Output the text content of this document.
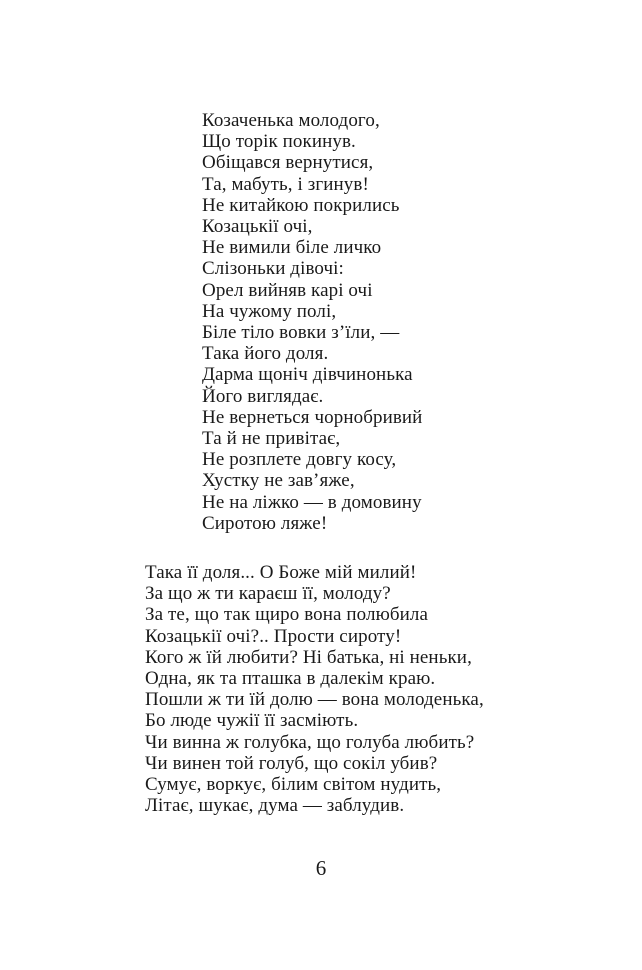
Козаченька молодого,
Що торік покинув.
Обіщався вернутися,
Та, мабуть, і згинув!
Не китайкою покрились
Козацькії очі,
Не вимили біле личко
Слізоньки дівочі:
Орел вийняв карі очі
На чужому полі,
Біле тіло вовки з’їли, —
Така його доля.
Дарма щоніч дівчинонька
Його виглядає.
Не вернеться чорнобривий
Та й не привітає,
Не розплете довгу косу,
Хустку не зав’яже,
Не на ліжко — в домовину
Сиротою ляже!
Така її доля... О Боже мій милий!
За що ж ти караєш її, молоду?
За те, що так щиро вона полюбила
Козацькії очі?.. Прости сироту!
Кого ж їй любити? Ні батька, ні неньки,
Одна, як та пташка в далекім краю.
Пошли ж ти їй долю — вона молоденька,
Бо люде чужії її засміють.
Чи винна ж голубка, що голуба любить?
Чи винен той голуб, що сокіл убив?
Сумує, воркує, білим світом нудить,
Літає, шукає, дума — заблудив.
6
